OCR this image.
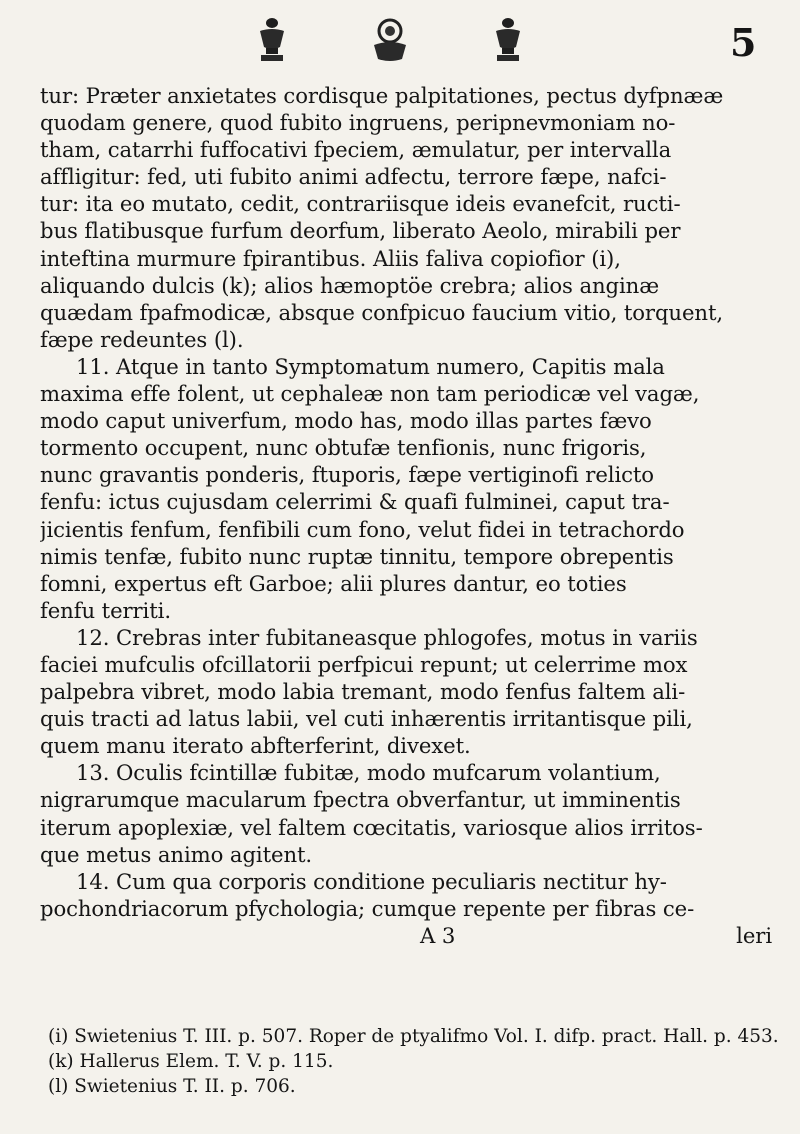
5
tur: Præter anxietates cordisque palpitationes, pectus dyfpnææ
quodam genere, quod fubito ingruens, peripnevmoniam no-
tham, catarrhi fuffocativi fpeciem, æmulatur, per intervalla
affligitur: fed, uti fubito animi adfectu, terrore fæpe, nafci-
tur: ita eo mutato, cedit, contrariisque ideis evanefcit, ructi-
bus flatibusque furfum deorfum, liberato Aeolo, mirabili per
inteftina murmure fpirantibus. Aliis faliva copiofior (i),
aliquando dulcis (k); alios hæmoptöe crebra; alios anginæ
quædam fpafmodicæ, absque confpicuo faucium vitio, torquent,
fæpe redeuntes (l).
11. Atque in tanto Symptomatum numero, Capitis mala
maxima effe folent, ut cephaleæ non tam periodicæ vel vagæ,
modo caput univerfum, modo has, modo illas partes fævo
tormento occupent, nunc obtufæ tenfionis, nunc frigoris,
nunc gravantis ponderis, ftuporis, fæpe vertiginofi relicto
fenfu: ictus cujusdam celerrimi & quafi fulminei, caput tra-
jicientis fenfum, fenfibili cum fono, velut fidei in tetrachordo
nimis tenfæ, fubito nunc ruptæ tinnitu, tempore obrepentis
fomni, expertus eft Garboe; alii plures dantur, eo toties
fenfu territi.
12. Crebras inter fubitaneasque phlogofes, motus in variis
faciei mufculis ofcillatorii perfpicui repunt; ut celerrime mox
palpebra vibret, modo labia tremant, modo fenfus faltem ali-
quis tracti ad latus labii, vel cuti inhærentis irritantisque pili,
quem manu iterato abfterferint, divexet.
13. Oculis fcintillæ fubitæ, modo mufcarum volantium,
nigrarumque macularum fpectra obverfantur, ut imminentis
iterum apoplexiæ, vel faltem cœcitatis, variosque alios irritos-
que metus animo agitent.
14. Cum qua corporis conditione peculiaris nectitur hy-
pochondriacorum pfychologia; cumque repente per fibras ce-
A 3	leri
(i) Swietenius T. III. p. 507. Roper de ptyalifmo Vol. I. difp. pract. Hall. p. 453.
(k) Hallerus Elem. T. V. p. 115.
(l) Swietenius T. II. p. 706.
